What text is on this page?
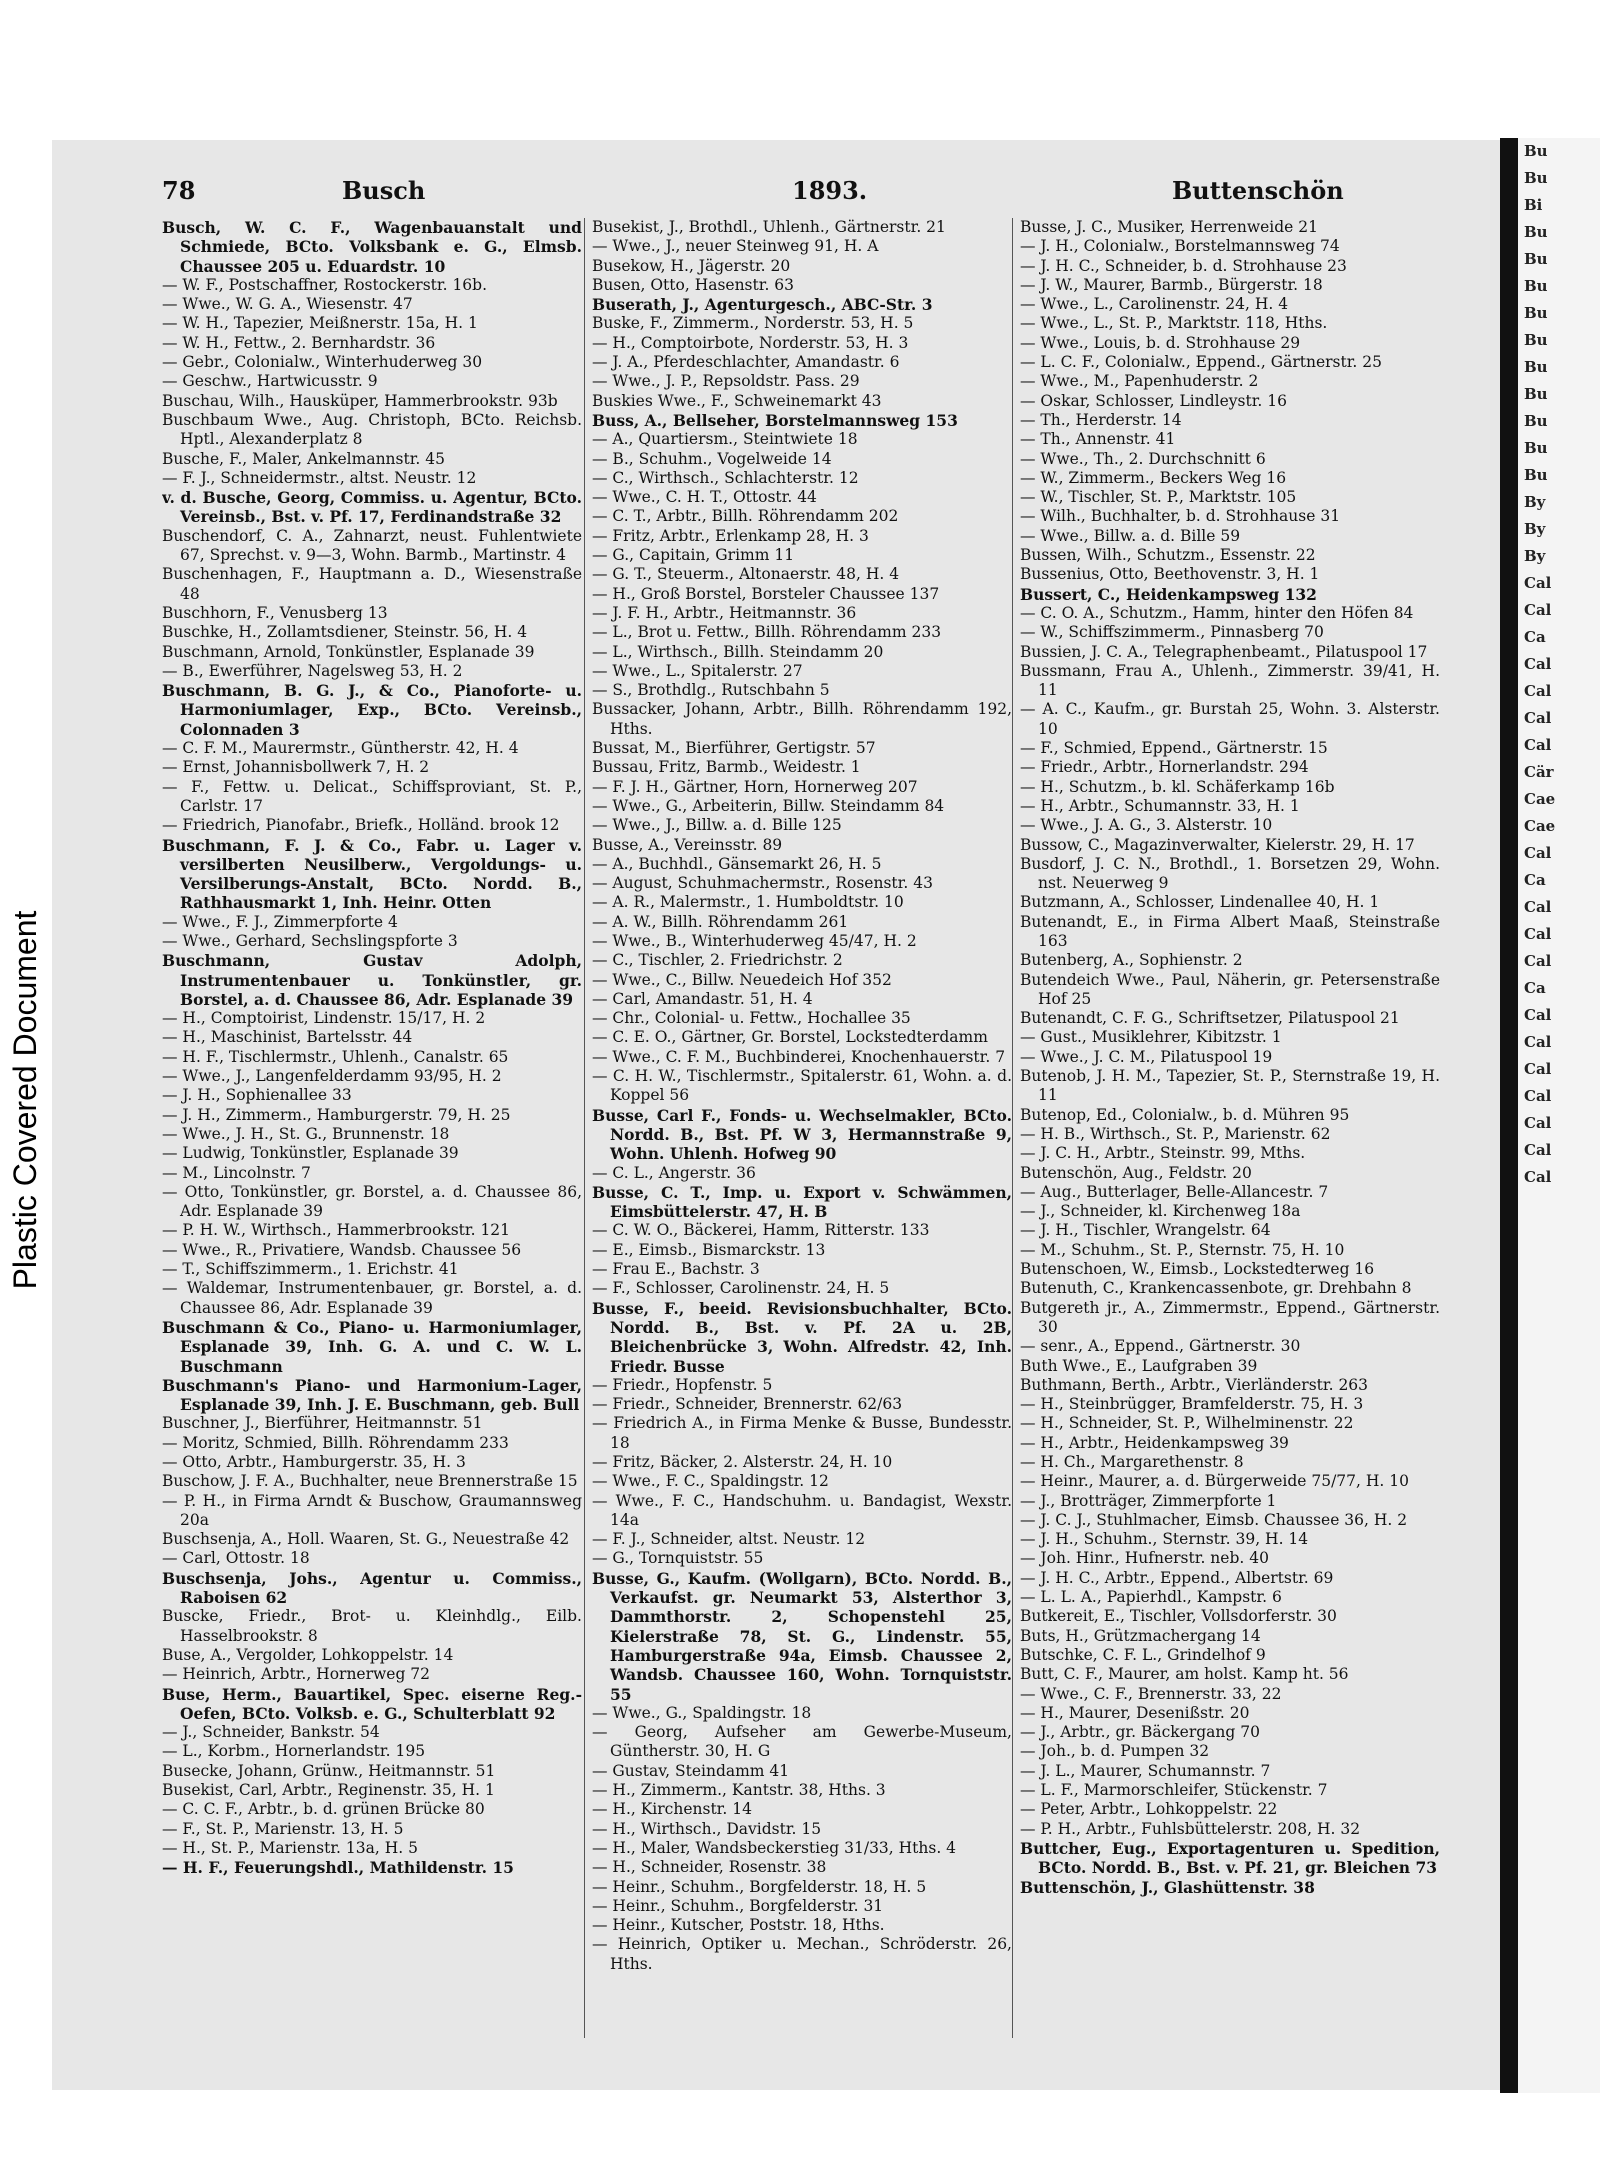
Plastic Covered Document
78	Busch	1893.	Buttenschön

Busch, W. C. F., Wagenbauanstalt und Schmiede, BCto. Volksbank e. G., Elmsb. Chaussee 205 u. Eduardstr. 10

— W. F., Postschaffner, Rostockerstr. 16b.

— Wwe., W. G. A., Wiesenstr. 47

— W. H., Tapezier, Meißnerstr. 15a, H. 1

— W. H., Fettw., 2. Bernhardstr. 36

— Gebr., Colonialw., Winterhuderweg 30

— Geschw., Hartwicusstr. 9

Buschau, Wilh., Hausküper, Hammerbrookstr. 93b

Buschbaum Wwe., Aug. Christoph, BCto. Reichsb. Hptl., Alexanderplatz 8

Busche, F., Maler, Ankelmannstr. 45

— F. J., Schneidermstr., altst. Neustr. 12

v. d. Busche, Georg, Commiss. u. Agentur, BCto. Vereinsb., Bst. v. Pf. 17, Ferdinandstraße 32

Buschendorf, C. A., Zahnarzt, neust. Fuhlentwiete 67, Sprechst. v. 9—3, Wohn. Barmb., Martinstr. 4

Buschenhagen, F., Hauptmann a. D., Wiesenstraße 48

Buschhorn, F., Venusberg 13

Buschke, H., Zollamtsdiener, Steinstr. 56, H. 4

Buschmann, Arnold, Tonkünstler, Esplanade 39

— B., Ewerführer, Nagelsweg 53, H. 2

Buschmann, B. G. J., & Co., Pianoforte- u. Harmoniumlager, Exp., BCto. Vereinsb., Colonnaden 3

— C. F. M., Maurermstr., Güntherstr. 42, H. 4

— Ernst, Johannisbollwerk 7, H. 2

— F., Fettw. u. Delicat., Schiffsproviant, St. P., Carlstr. 17

— Friedrich, Pianofabr., Briefk., Holländ. brook 12

Buschmann, F. J. & Co., Fabr. u. Lager v. versilberten Neusilberw., Vergoldungs- u. Versilberungs-Anstalt, BCto. Nordd. B., Rathhausmarkt 1, Inh. Heinr. Otten

— Wwe., F. J., Zimmerpforte 4

— Wwe., Gerhard, Sechslingspforte 3

Buschmann, Gustav Adolph, Instrumentenbauer u. Tonkünstler, gr. Borstel, a. d. Chaussee 86, Adr. Esplanade 39

— H., Comptoirist, Lindenstr. 15/17, H. 2

— H., Maschinist, Bartelsstr. 44

— H. F., Tischlermstr., Uhlenh., Canalstr. 65

— Wwe., J., Langenfelderdamm 93/95, H. 2

— J. H., Sophienallee 33

— J. H., Zimmerm., Hamburgerstr. 79, H. 25

— Wwe., J. H., St. G., Brunnenstr. 18

— Ludwig, Tonkünstler, Esplanade 39

— M., Lincolnstr. 7

— Otto, Tonkünstler, gr. Borstel, a. d. Chaussee 86, Adr. Esplanade 39

— P. H. W., Wirthsch., Hammerbrookstr. 121

— Wwe., R., Privatiere, Wandsb. Chaussee 56

— T., Schiffszimmerm., 1. Erichstr. 41

— Waldemar, Instrumentenbauer, gr. Borstel, a. d. Chaussee 86, Adr. Esplanade 39

Buschmann & Co., Piano- u. Harmoniumlager, Esplanade 39, Inh. G. A. und C. W. L. Buschmann

Buschmann's Piano- und Harmonium-Lager, Esplanade 39, Inh. J. E. Buschmann, geb. Bull

Buschner, J., Bierführer, Heitmannstr. 51

— Moritz, Schmied, Billh. Röhrendamm 233

— Otto, Arbtr., Hamburgerstr. 35, H. 3

Buschow, J. F. A., Buchhalter, neue Brennerstraße 15

— P. H., in Firma Arndt & Buschow, Graumannsweg 20a

Buschsenja, A., Holl. Waaren, St. G., Neuestraße 42

— Carl, Ottostr. 18

Buschsenja, Johs., Agentur u. Commiss., Raboisen 62

Buscke, Friedr., Brot- u. Kleinhdlg., Eilb. Hasselbrookstr. 8

Buse, A., Vergolder, Lohkoppelstr. 14

— Heinrich, Arbtr., Hornerweg 72

Buse, Herm., Bauartikel, Spec. eiserne Reg.-Oefen, BCto. Volksb. e. G., Schulterblatt 92

— J., Schneider, Bankstr. 54

— L., Korbm., Hornerlandstr. 195

Busecke, Johann, Grünw., Heitmannstr. 51

Busekist, Carl, Arbtr., Reginenstr. 35, H. 1

— C. C. F., Arbtr., b. d. grünen Brücke 80

— F., St. P., Marienstr. 13, H. 5

— H., St. P., Marienstr. 13a, H. 5

— H. F., Feuerungshdl., Mathildenstr. 15

Busekist, J., Brothdl., Uhlenh., Gärtnerstr. 21

— Wwe., J., neuer Steinweg 91, H. A

Busekow, H., Jägerstr. 20

Busen, Otto, Hasenstr. 63

Buserath, J., Agenturgesch., ABC-Str. 3

Buske, F., Zimmerm., Norderstr. 53, H. 5

— H., Comptoirbote, Norderstr. 53, H. 3

— J. A., Pferdeschlachter, Amandastr. 6

— Wwe., J. P., Repsoldstr. Pass. 29

Buskies Wwe., F., Schweinemarkt 43

Buss, A., Bellseher, Borstelmannsweg 153

— A., Quartiersm., Steintwiete 18

— B., Schuhm., Vogelweide 14

— C., Wirthsch., Schlachterstr. 12

— Wwe., C. H. T., Ottostr. 44

— C. T., Arbtr., Billh. Röhrendamm 202

— Fritz, Arbtr., Erlenkamp 28, H. 3

— G., Capitain, Grimm 11

— G. T., Steuerm., Altonaerstr. 48, H. 4

— H., Groß Borstel, Borsteler Chaussee 137

— J. F. H., Arbtr., Heitmannstr. 36

— L., Brot u. Fettw., Billh. Röhrendamm 233

— L., Wirthsch., Billh. Steindamm 20

— Wwe., L., Spitalerstr. 27

— S., Brothdlg., Rutschbahn 5

Bussacker, Johann, Arbtr., Billh. Röhrendamm 192, Hths.

Bussat, M., Bierführer, Gertigstr. 57

Bussau, Fritz, Barmb., Weidestr. 1

— F. J. H., Gärtner, Horn, Hornerweg 207

— Wwe., G., Arbeiterin, Billw. Steindamm 84

— Wwe., J., Billw. a. d. Bille 125

Busse, A., Vereinsstr. 89

— A., Buchhdl., Gänsemarkt 26, H. 5

— August, Schuhmachermstr., Rosenstr. 43

— A. R., Malermstr., 1. Humboldtstr. 10

— A. W., Billh. Röhrendamm 261

— Wwe., B., Winterhuderweg 45/47, H. 2

— C., Tischler, 2. Friedrichstr. 2

— Wwe., C., Billw. Neuedeich Hof 352

— Carl, Amandastr. 51, H. 4

— Chr., Colonial- u. Fettw., Hochallee 35

— C. E. O., Gärtner, Gr. Borstel, Lockstedterdamm

— Wwe., C. F. M., Buchbinderei, Knochenhauerstr. 7

— C. H. W., Tischlermstr., Spitalerstr. 61, Wohn. a. d. Koppel 56

Busse, Carl F., Fonds- u. Wechselmakler, BCto. Nordd. B., Bst. Pf. W 3, Hermannstraße 9, Wohn. Uhlenh. Hofweg 90

— C. L., Angerstr. 36

Busse, C. T., Imp. u. Export v. Schwämmen, Eimsbüttelerstr. 47, H. B

— C. W. O., Bäckerei, Hamm, Ritterstr. 133

— E., Eimsb., Bismarckstr. 13

— Frau E., Bachstr. 3

— F., Schlosser, Carolinenstr. 24, H. 5

Busse, F., beeid. Revisionsbuchhalter, BCto. Nordd. B., Bst. v. Pf. 2A u. 2B, Bleichenbrücke 3, Wohn. Alfredstr. 42, Inh. Friedr. Busse

— Friedr., Hopfenstr. 5

— Friedr., Schneider, Brennerstr. 62/63

— Friedrich A., in Firma Menke & Busse, Bundesstr. 18

— Fritz, Bäcker, 2. Alsterstr. 24, H. 10

— Wwe., F. C., Spaldingstr. 12

— Wwe., F. C., Handschuhm. u. Bandagist, Wexstr. 14a

— F. J., Schneider, altst. Neustr. 12

— G., Tornquiststr. 55

Busse, G., Kaufm. (Wollgarn), BCto. Nordd. B., Verkaufst. gr. Neumarkt 53, Alsterthor 3, Dammthorstr. 2, Schopenstehl 25, Kielerstraße 78, St. G., Lindenstr. 55, Hamburgerstraße 94a, Eimsb. Chaussee 2, Wandsb. Chaussee 160, Wohn. Tornquiststr. 55

— Wwe., G., Spaldingstr. 18

— Georg, Aufseher am Gewerbe-Museum, Güntherstr. 30, H. G

— Gustav, Steindamm 41

— H., Zimmerm., Kantstr. 38, Hths. 3

— H., Kirchenstr. 14

— H., Wirthsch., Davidstr. 15

— H., Maler, Wandsbeckerstieg 31/33, Hths. 4

— H., Schneider, Rosenstr. 38

— Heinr., Schuhm., Borgfelderstr. 18, H. 5

— Heinr., Schuhm., Borgfelderstr. 31

— Heinr., Kutscher, Poststr. 18, Hths.

— Heinrich, Optiker u. Mechan., Schröderstr. 26, Hths.

Busse, J. C., Musiker, Herrenweide 21

— J. H., Colonialw., Borstelmannsweg 74

— J. H. C., Schneider, b. d. Strohhause 23

— J. W., Maurer, Barmb., Bürgerstr. 18

— Wwe., L., Carolinenstr. 24, H. 4

— Wwe., L., St. P., Marktstr. 118, Hths.

— Wwe., Louis, b. d. Strohhause 29

— L. C. F., Colonialw., Eppend., Gärtnerstr. 25

— Wwe., M., Papenhuderstr. 2

— Oskar, Schlosser, Lindleystr. 16

— Th., Herderstr. 14

— Th., Annenstr. 41

— Wwe., Th., 2. Durchschnitt 6

— W., Zimmerm., Beckers Weg 16

— W., Tischler, St. P., Marktstr. 105

— Wilh., Buchhalter, b. d. Strohhause 31

— Wwe., Billw. a. d. Bille 59

Bussen, Wilh., Schutzm., Essenstr. 22

Bussenius, Otto, Beethovenstr. 3, H. 1

Bussert, C., Heidenkampsweg 132

— C. O. A., Schutzm., Hamm, hinter den Höfen 84

— W., Schiffszimmerm., Pinnasberg 70

Bussien, J. C. A., Telegraphenbeamt., Pilatuspool 17

Bussmann, Frau A., Uhlenh., Zimmerstr. 39/41, H. 11

— A. C., Kaufm., gr. Burstah 25, Wohn. 3. Alsterstr. 10

— F., Schmied, Eppend., Gärtnerstr. 15

— Friedr., Arbtr., Hornerlandstr. 294

— H., Schutzm., b. kl. Schäferkamp 16b

— H., Arbtr., Schumannstr. 33, H. 1

— Wwe., J. A. G., 3. Alsterstr. 10

Bussow, C., Magazinverwalter, Kielerstr. 29, H. 17

Busdorf, J. C. N., Brothdl., 1. Borsetzen 29, Wohn. nst. Neuerweg 9

Butzmann, A., Schlosser, Lindenallee 40, H. 1

Butenandt, E., in Firma Albert Maaß, Steinstraße 163

Butenberg, A., Sophienstr. 2

Butendeich Wwe., Paul, Näherin, gr. Petersenstraße Hof 25

Butenandt, C. F. G., Schriftsetzer, Pilatuspool 21

— Gust., Musiklehrer, Kibitzstr. 1

— Wwe., J. C. M., Pilatuspool 19

Butenob, J. H. M., Tapezier, St. P., Sternstraße 19, H. 11

Butenop, Ed., Colonialw., b. d. Mühren 95

— H. B., Wirthsch., St. P., Marienstr. 62

— J. C. H., Arbtr., Steinstr. 99, Mths.

Butenschön, Aug., Feldstr. 20

— Aug., Butterlager, Belle-Allancestr. 7

— J., Schneider, kl. Kirchenweg 18a

— J. H., Tischler, Wrangelstr. 64

— M., Schuhm., St. P., Sternstr. 75, H. 10

Butenschoen, W., Eimsb., Lockstedterweg 16

Butenuth, C., Krankencassenbote, gr. Drehbahn 8

Butgereth jr., A., Zimmermstr., Eppend., Gärtnerstr. 30

— senr., A., Eppend., Gärtnerstr. 30

Buth Wwe., E., Laufgraben 39

Buthmann, Berth., Arbtr., Vierländerstr. 263

— H., Steinbrügger, Bramfelderstr. 75, H. 3

— H., Schneider, St. P., Wilhelminenstr. 22

— H., Arbtr., Heidenkampsweg 39

— H. Ch., Margarethenstr. 8

— Heinr., Maurer, a. d. Bürgerweide 75/77, H. 10

— J., Brotträger, Zimmerpforte 1

— J. C. J., Stuhlmacher, Eimsb. Chaussee 36, H. 2

— J. H., Schuhm., Sternstr. 39, H. 14

— Joh. Hinr., Hufnerstr. neb. 40

— J. H. C., Arbtr., Eppend., Albertstr. 69

— L. L. A., Papierhdl., Kampstr. 6

Butkereit, E., Tischler, Vollsdorferstr. 30

Buts, H., Grützmachergang 14

Butschke, C. F. L., Grindelhof 9

Butt, C. F., Maurer, am holst. Kamp ht. 56

— Wwe., C. F., Brennerstr. 33, 22

— H., Maurer, Desenißstr. 20

— J., Arbtr., gr. Bäckergang 70

— Joh., b. d. Pumpen 32

— J. L., Maurer, Schumannstr. 7

— L. F., Marmorschleifer, Stückenstr. 7

— Peter, Arbtr., Lohkoppelstr. 22

— P. H., Arbtr., Fuhlsbüttelerstr. 208, H. 32

Buttcher, Eug., Exportagenturen u. Spedition, BCto. Nordd. B., Bst. v. Pf. 21, gr. Bleichen 73

Buttenschön, J., Glashüttenstr. 38

Bu
Bu
Bi
Bu
Bu
Bu
Bu
Bu
Bu
Bu
Bu
Bu
Bu
By
By
By
Cal
Cal
Ca
Cal
Cal
Cal
Cal
Cär
Cae
Cae
Cal
Ca
Cal
Cal
Cal
Ca
Cal
Cal
Cal
Cal
Cal
Cal
Cal
